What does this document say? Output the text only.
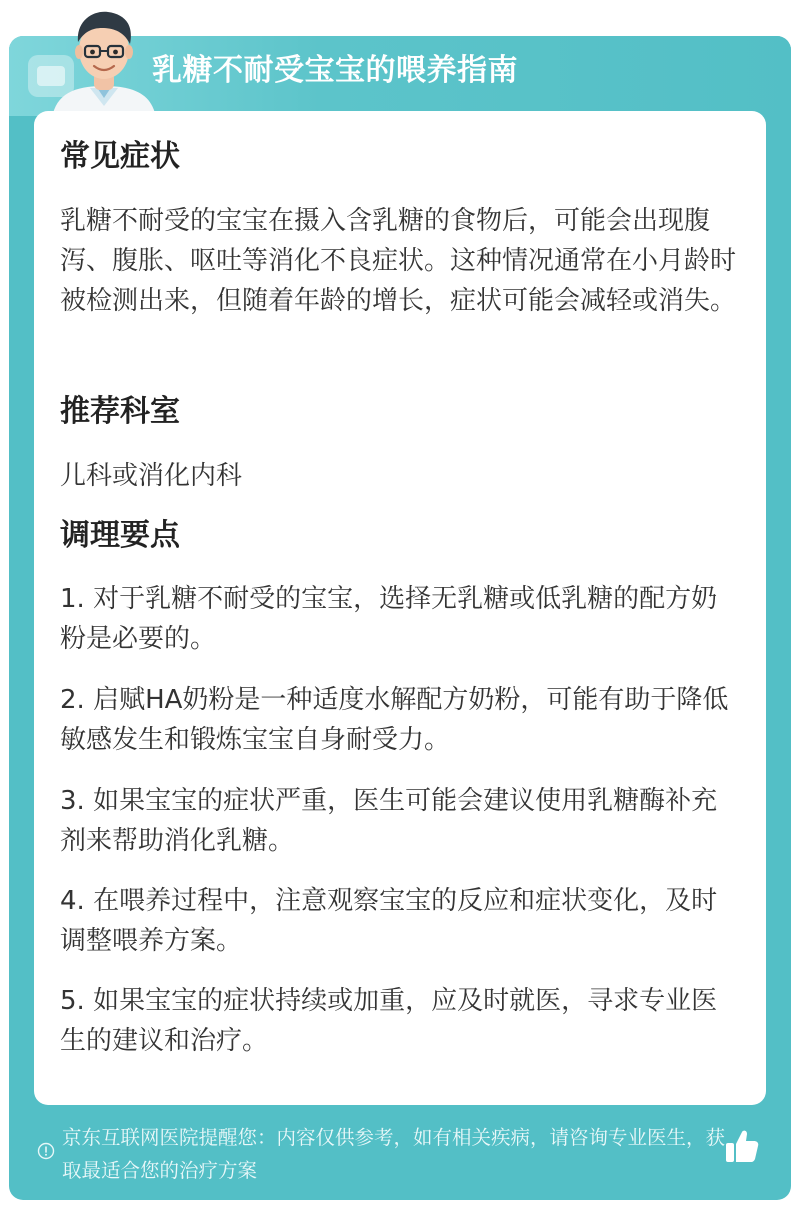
乳糖不耐受宝宝的喂养指南
常见症状

乳糖不耐受的宝宝在摄入含乳糖的食物后，可能会出现腹泻、腹胀、呕吐等消化不良症状。这种情况通常在小月龄时被检测出来，但随着年龄的增长，症状可能会减轻或消失。

推荐科室

儿科或消化内科

调理要点

1. 对于乳糖不耐受的宝宝，选择无乳糖或低乳糖的配方奶粉是必要的。

2. 启赋HA奶粉是一种适度水解配方奶粉，可能有助于降低敏感发生和锻炼宝宝自身耐受力。

3. 如果宝宝的症状严重，医生可能会建议使用乳糖酶补充剂来帮助消化乳糖。

4. 在喂养过程中，注意观察宝宝的反应和症状变化，及时调整喂养方案。

5. 如果宝宝的症状持续或加重，应及时就医，寻求专业医生的建议和治疗。

京东互联网医院提醒您：内容仅供参考，如有相关疾病，请咨询专业医生，获取最适合您的治疗方案
